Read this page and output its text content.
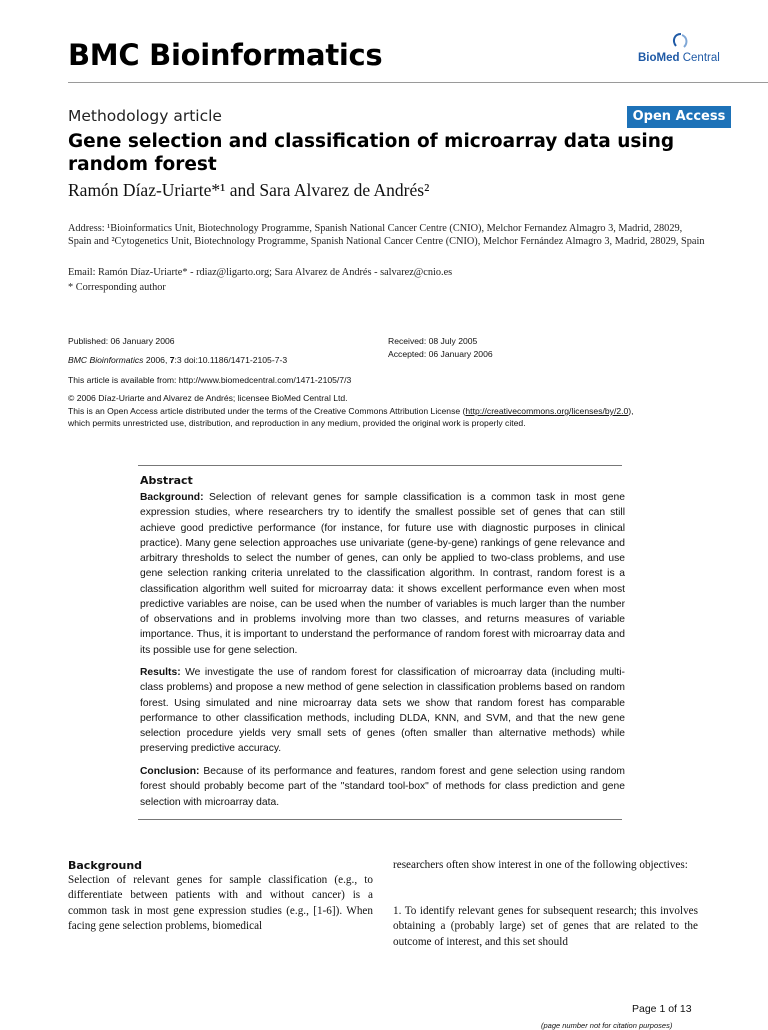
BMC Bioinformatics	BioMed Central
Methodology article	Open Access
Gene selection and classification of microarray data using random forest
Ramón Díaz-Uriarte*¹ and Sara Alvarez de Andrés²
Address: ¹Bioinformatics Unit, Biotechnology Programme, Spanish National Cancer Centre (CNIO), Melchor Fernandez Almagro 3, Madrid, 28029, Spain and ²Cytogenetics Unit, Biotechnology Programme, Spanish National Cancer Centre (CNIO), Melchor Fernández Almagro 3, Madrid, 28029, Spain
Email: Ramón Díaz-Uriarte* - rdiaz@ligarto.org; Sara Alvarez de Andrés - salvarez@cnio.es
* Corresponding author
Published: 06 January 2006
BMC Bioinformatics 2006, 7:3 doi:10.1186/1471-2105-7-3
Received: 08 July 2005
Accepted: 06 January 2006
This article is available from: http://www.biomedcentral.com/1471-2105/7/3
© 2006 Díaz-Uriarte and Alvarez de Andrés; licensee BioMed Central Ltd.
This is an Open Access article distributed under the terms of the Creative Commons Attribution License (http://creativecommons.org/licenses/by/2.0),
which permits unrestricted use, distribution, and reproduction in any medium, provided the original work is properly cited.
Abstract
Background: Selection of relevant genes for sample classification is a common task in most gene expression studies, where researchers try to identify the smallest possible set of genes that can still achieve good predictive performance (for instance, for future use with diagnostic purposes in clinical practice). Many gene selection approaches use univariate (gene-by-gene) rankings of gene relevance and arbitrary thresholds to select the number of genes, can only be applied to two-class problems, and use gene selection ranking criteria unrelated to the classification algorithm. In contrast, random forest is a classification algorithm well suited for microarray data: it shows excellent performance even when most predictive variables are noise, can be used when the number of variables is much larger than the number of observations and in problems involving more than two classes, and returns measures of variable importance. Thus, it is important to understand the performance of random forest with microarray data and its possible use for gene selection.
Results: We investigate the use of random forest for classification of microarray data (including multi-class problems) and propose a new method of gene selection in classification problems based on random forest. Using simulated and nine microarray data sets we show that random forest has comparable performance to other classification methods, including DLDA, KNN, and SVM, and that the new gene selection procedure yields very small sets of genes (often smaller than alternative methods) while preserving predictive accuracy.
Conclusion: Because of its performance and features, random forest and gene selection using random forest should probably become part of the "standard tool-box" of methods for class prediction and gene selection with microarray data.
Background
Selection of relevant genes for sample classification (e.g., to differentiate between patients with and without cancer) is a common task in most gene expression studies (e.g., [1-6]). When facing gene selection problems, biomedical
researchers often show interest in one of the following objectives:
1. To identify relevant genes for subsequent research; this involves obtaining a (probably large) set of genes that are related to the outcome of interest, and this set should
Page 1 of 13
(page number not for citation purposes)
